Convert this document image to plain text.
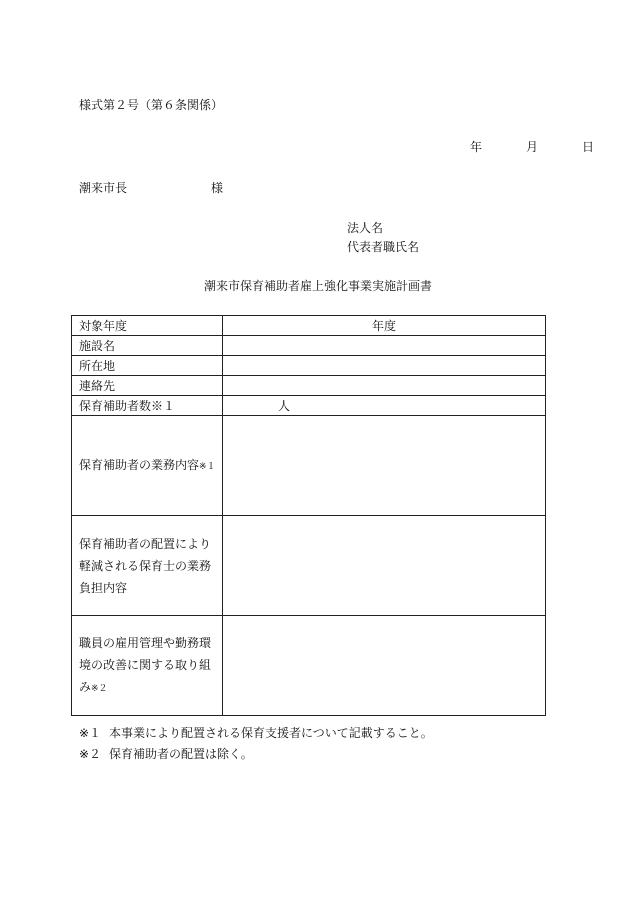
様式第２号（第６条関係）
年	月	日
潮来市長	様
法人名
代表者職氏名
潮来市保育補助者雇上強化事業実施計画書
対象年度	年度
施設名	
所在地	
連絡先	
保育補助者数※１	人
保育補助者の業務内容※１	
保育補助者の配置により軽減される保育士の業務負担内容	
職員の雇用管理や勤務環境の改善に関する取り組み※２	
※１ 本事業により配置される保育支援者について記載すること。
※２ 保育補助者の配置は除く。
